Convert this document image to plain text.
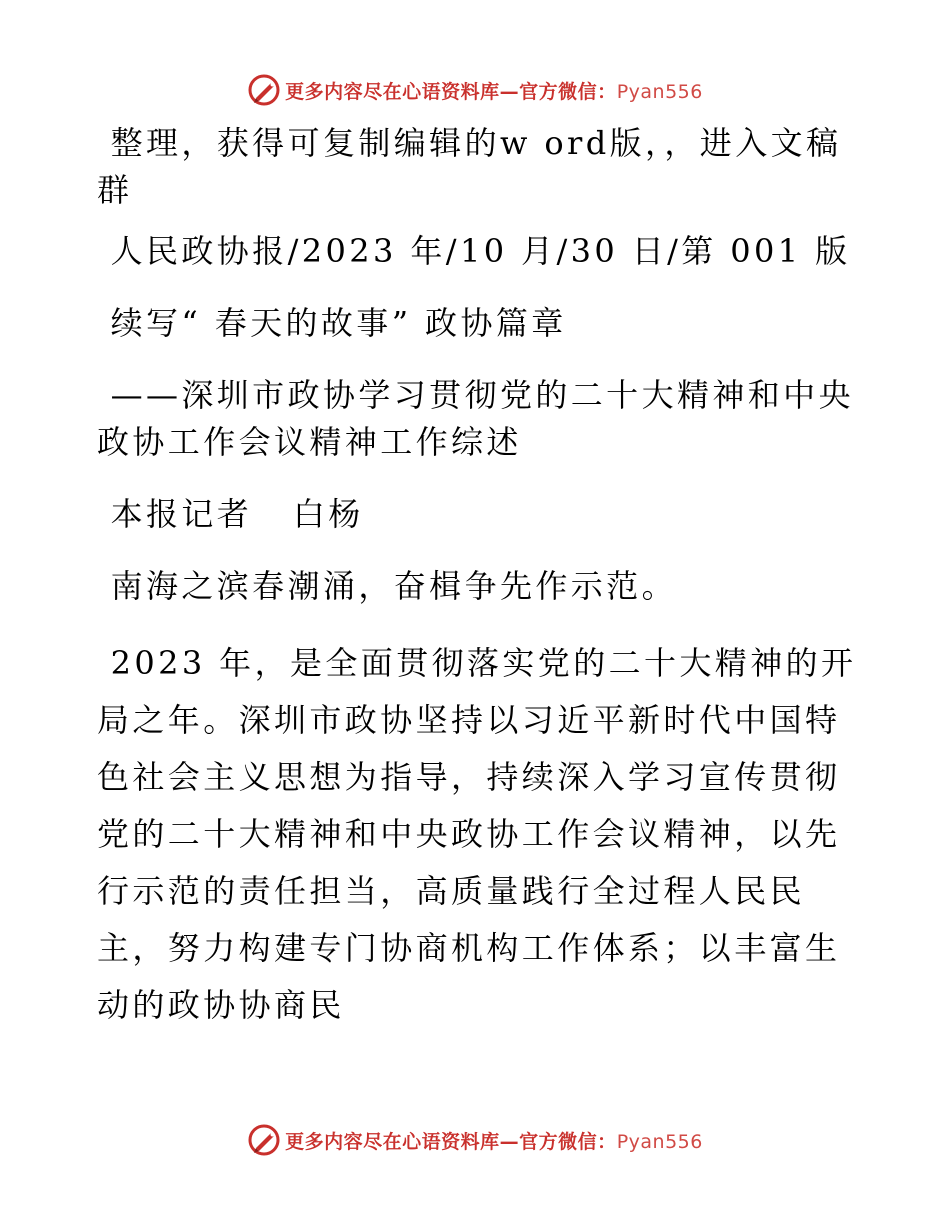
更多内容尽在心语资料库—官方微信：Pyan556

整理，获得可复制编辑的w ord版，，进入文稿群

人民政协报/2023 年/10 月/30 日/第 001 版

续写“ 春天的故事” 政协篇章

——深圳市政协学习贯彻党的二十大精神和中央政协工作会议精神工作综述

本报记者   白杨

南海之滨春潮涌，奋楫争先作示范。

2023 年，是全面贯彻落实党的二十大精神的开局之年。深圳市政协坚持以习近平新时代中国特色社会主义思想为指导，持续深入学习宣传贯彻党的二十大精神和中央政协工作会议精神，以先行示范的责任担当，高质量践行全过程人民民主，努力构建专门协商机构工作体系；以丰富生动的政协协商民

更多内容尽在心语资料库—官方微信：Pyan556
